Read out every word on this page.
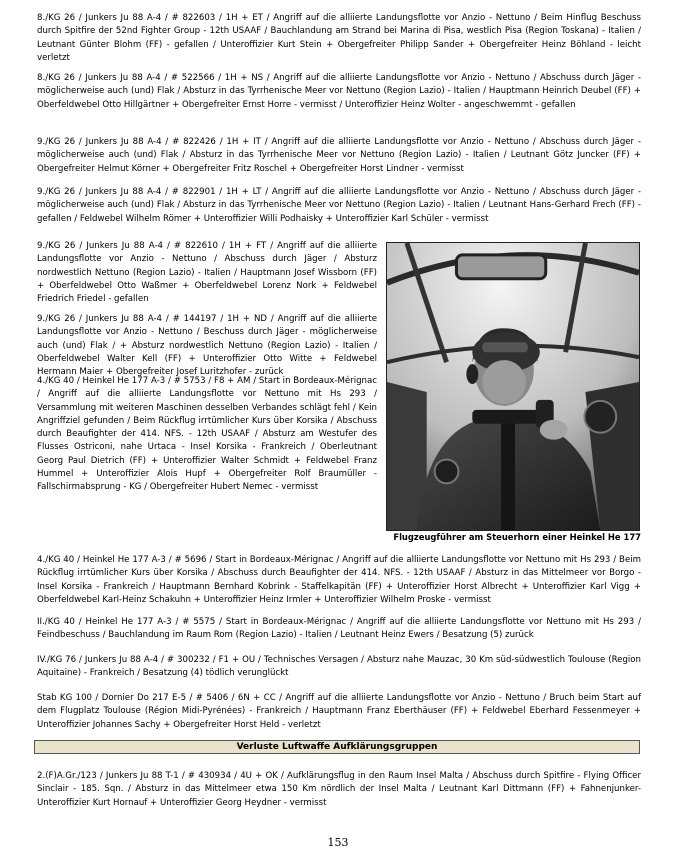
8./KG 26 / Junkers Ju 88 A-4 / # 822603 / 1H + ET / Angriff auf die alliierte Landungsflotte vor Anzio - Nettuno / Beim Hinflug Beschuss durch Spitfire der 52nd Fighter Group - 12th USAAF / Bauchlandung am Strand bei Marina di Pisa, westlich Pisa (Region Toskana) - Italien / Leutnant Günter Blohm (FF) - gefallen / Unteroffizier Kurt Stein + Obergefreiter Philipp Sander + Obergefreiter Heinz Böhland - leicht verletzt
8./KG 26 / Junkers Ju 88 A-4 / # 522566 / 1H + NS / Angriff auf die alliierte Landungsflotte vor Anzio - Nettuno / Abschuss durch Jäger - möglicherweise auch (und) Flak / Absturz in das Tyrrhenische Meer vor Nettuno (Region Lazio) - Italien / Hauptmann Heinrich Deubel (FF) + Oberfeldwebel Otto Hillgärtner + Obergefreiter Ernst Horre - vermisst / Unteroffizier Heinz Wolter - angeschwemmt - gefallen
9./KG 26 / Junkers Ju 88 A-4 / # 822426 / 1H + IT / Angriff auf die alliierte Landungsflotte vor Anzio - Nettuno / Abschuss durch Jäger - möglicherweise auch (und) Flak / Absturz in das Tyrrhenische Meer vor Nettuno (Region Lazio) - Italien / Leutnant Götz Juncker (FF) + Obergefreiter Helmut Körner + Obergefreiter Fritz Roschel + Obergefreiter Horst Lindner - vermisst
9./KG 26 / Junkers Ju 88 A-4 / # 822901 / 1H + LT / Angriff auf die alliierte Landungsflotte vor Anzio - Nettuno / Abschuss durch Jäger - möglicherweise auch (und) Flak / Absturz in das Tyrrhenische Meer vor Nettuno (Region Lazio) - Italien / Leutnant Hans-Gerhard Frech (FF) - gefallen / Feldwebel Wilhelm Römer + Unteroffizier Willi Podhaisky + Unteroffizier Karl Schüler - vermisst
9./KG 26 / Junkers Ju 88 A-4 / # 822610 / 1H + FT / Angriff auf die alliierte Landungsflotte vor Anzio - Nettuno / Abschuss durch Jäger / Absturz nordwestlich Nettuno (Region Lazio) - Italien / Hauptmann Josef Wissborn (FF) + Oberfeldwebel Otto Waßmer + Oberfeldwebel Lorenz Nork + Feldwebel Friedrich Friedel - gefallen
9./KG 26 / Junkers Ju 88 A-4 / # 144197 / 1H + ND / Angriff auf die alliierte Landungsflotte vor Anzio - Nettuno / Beschuss durch Jäger - möglicherweise auch (und) Flak / + Absturz nordwestlich Nettuno (Region Lazio) - Italien / Oberfeldwebel Walter Kell (FF) + Unteroffizier Otto Witte + Feldwebel Hermann Maier + Obergefreiter Josef Luritzhofer - zurück
4./KG 40 / Heinkel He 177 A-3 / # 5753 / F8 + AM / Start in Bordeaux-Mérignac / Angriff auf die alliierte Landungsflotte vor Nettuno mit Hs 293 / Versammlung mit weiteren Maschinen desselben Verbandes schlägt fehl / Kein Angriffziel gefunden / Beim Rückflug irrtümlicher Kurs über Korsika / Abschuss durch Beaufighter der 414. NFS. - 12th USAAF / Absturz am Westufer des Flusses Ostriconi, nahe Urtaca - Insel Korsika - Frankreich / Oberleutnant Georg Paul Dietrich (FF) + Unteroffizier Walter Schmidt + Feldwebel Franz Hummel + Unteroffizier Alois Hupf + Obergefreiter Rolf Braumüller - Fallschirmabsprung - KG / Obergefreiter Hubert Nemec - vermisst
Flugzeugführer am Steuerhorn einer Heinkel He 177
4./KG 40 / Heinkel He 177 A-3 / # 5696 / Start in Bordeaux-Mérignac / Angriff auf die alliierte Landungsflotte vor Nettuno mit Hs 293 / Beim Rückflug irrtümlicher Kurs über Korsika / Abschuss durch Beaufighter der 414. NFS. - 12th USAAF / Absturz in das Mittelmeer vor Borgo - Insel Korsika - Frankreich / Hauptmann Bernhard Kobrink - Staffelkapitän (FF) + Unteroffizier Horst Albrecht + Unteroffizier Karl Vigg + Oberfeldwebel Karl-Heinz Schakuhn + Unteroffizier Heinz Irmler + Unteroffizier Wilhelm Proske - vermisst
II./KG 40 / Heinkel He 177 A-3 / # 5575 / Start in Bordeaux-Mérignac / Angriff auf die alliierte Landungsflotte vor Nettuno mit Hs 293 / Feindbeschuss / Bauchlandung im Raum Rom (Region Lazio) - Italien / Leutnant Heinz Ewers / Besatzung (5) zurück
IV./KG 76 / Junkers Ju 88 A-4 / # 300232 / F1 + OU / Technisches Versagen / Absturz nahe Mauzac, 30 Km süd-südwestlich Toulouse (Region Aquitaine) - Frankreich / Besatzung (4) tödlich verunglückt
Stab KG 100 / Dornier Do 217 E-5 / # 5406 / 6N + CC / Angriff auf die alliierte Landungsflotte vor Anzio - Nettuno / Bruch beim Start auf dem Flugplatz Toulouse (Région Midi-Pyrénées) - Frankreich / Hauptmann Franz Eberthäuser (FF) + Feldwebel Eberhard Fessenmeyer + Unteroffizier Johannes Sachy + Obergefreiter Horst Held - verletzt
Verluste Luftwaffe Aufklärungsgruppen
2.(F)A.Gr./123 / Junkers Ju 88 T-1 / # 430934 / 4U + OK / Aufklärungsflug in den Raum Insel Malta / Abschuss durch Spitfire - Flying Officer Sinclair - 185. Sqn. / Absturz in das Mittelmeer etwa 150 Km nördlich der Insel Malta / Leutnant Karl Dittmann (FF) + Fahnenjunker-Unteroffizier Kurt Hornauf + Unteroffizier Georg Heydner - vermisst
153
